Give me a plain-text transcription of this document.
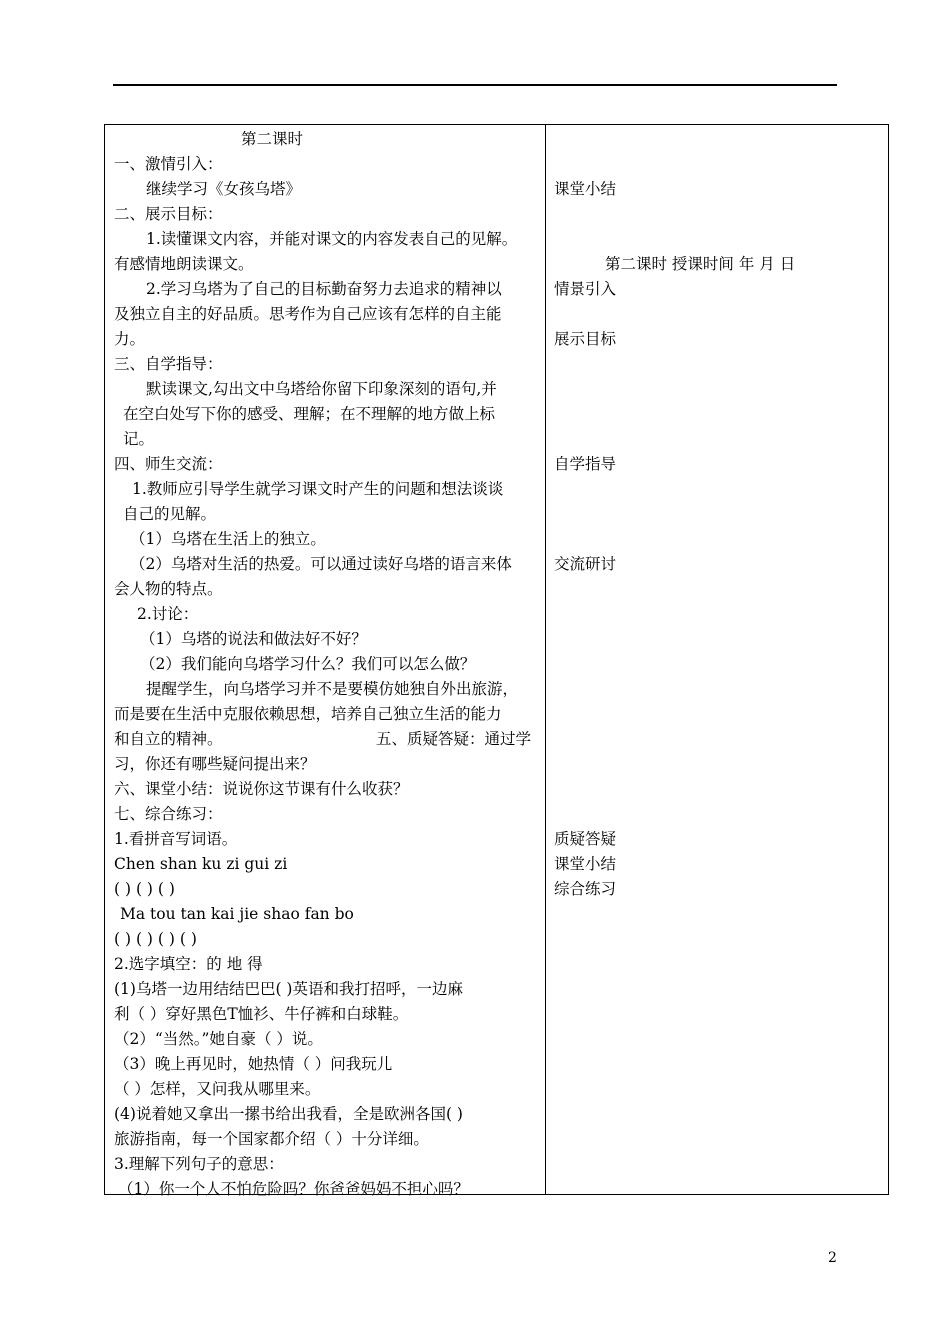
第二课时
一、激情引入：
继续学习《女孩乌塔》
二、展示目标：
1.读懂课文内容，并能对课文的内容发表自己的见解。
有感情地朗读课文。
2.学习乌塔为了自己的目标勤奋努力去追求的精神以
及独立自主的好品质。思考作为自己应该有怎样的自主能
力。
三、自学指导：
默读课文,勾出文中乌塔给你留下印象深刻的语句,并
在空白处写下你的感受、理解；在不理解的地方做上标
记。
四、师生交流：
1.教师应引导学生就学习课文时产生的问题和想法谈谈
自己的见解。
（1）乌塔在生活上的独立。
（2）乌塔对生活的热爱。可以通过读好乌塔的语言来体
会人物的特点。
2.讨论：
（1）乌塔的说法和做法好不好？
（2）我们能向乌塔学习什么？我们可以怎么做？
提醒学生，向乌塔学习并不是要模仿她独自外出旅游，
而是要在生活中克服依赖思想，培养自己独立生活的能力
和自立的精神。	五、质疑答疑：通过学
习，你还有哪些疑问提出来？
六、课堂小结：说说你这节课有什么收获？
七、综合练习：
1.看拼音写词语。
Chen shan ku zi gui zi
( ) ( ) ( )
Ma tou tan kai jie shao fan bo
( ) ( ) ( ) ( )
2.选字填空：的 地 得
(1)乌塔一边用结结巴巴( )英语和我打招呼，一边麻
利（ ）穿好黑色T恤衫、牛仔裤和白球鞋。
（2）“当然。”她自豪（ ）说。
（3）晚上再见时，她热情（ ）问我玩儿
（ ）怎样，又问我从哪里来。
(4)说着她又拿出一摞书给出我看，全是欧洲各国( )
旅游指南，每一个国家都介绍（ ）十分详细。
3.理解下列句子的意思：
（1）你一个人不怕危险吗？你爸爸妈妈不担心吗？
课堂小结
第二课时 授课时间 年 月 日
情景引入
展示目标
自学指导
交流研讨
质疑答疑
课堂小结
综合练习
2
